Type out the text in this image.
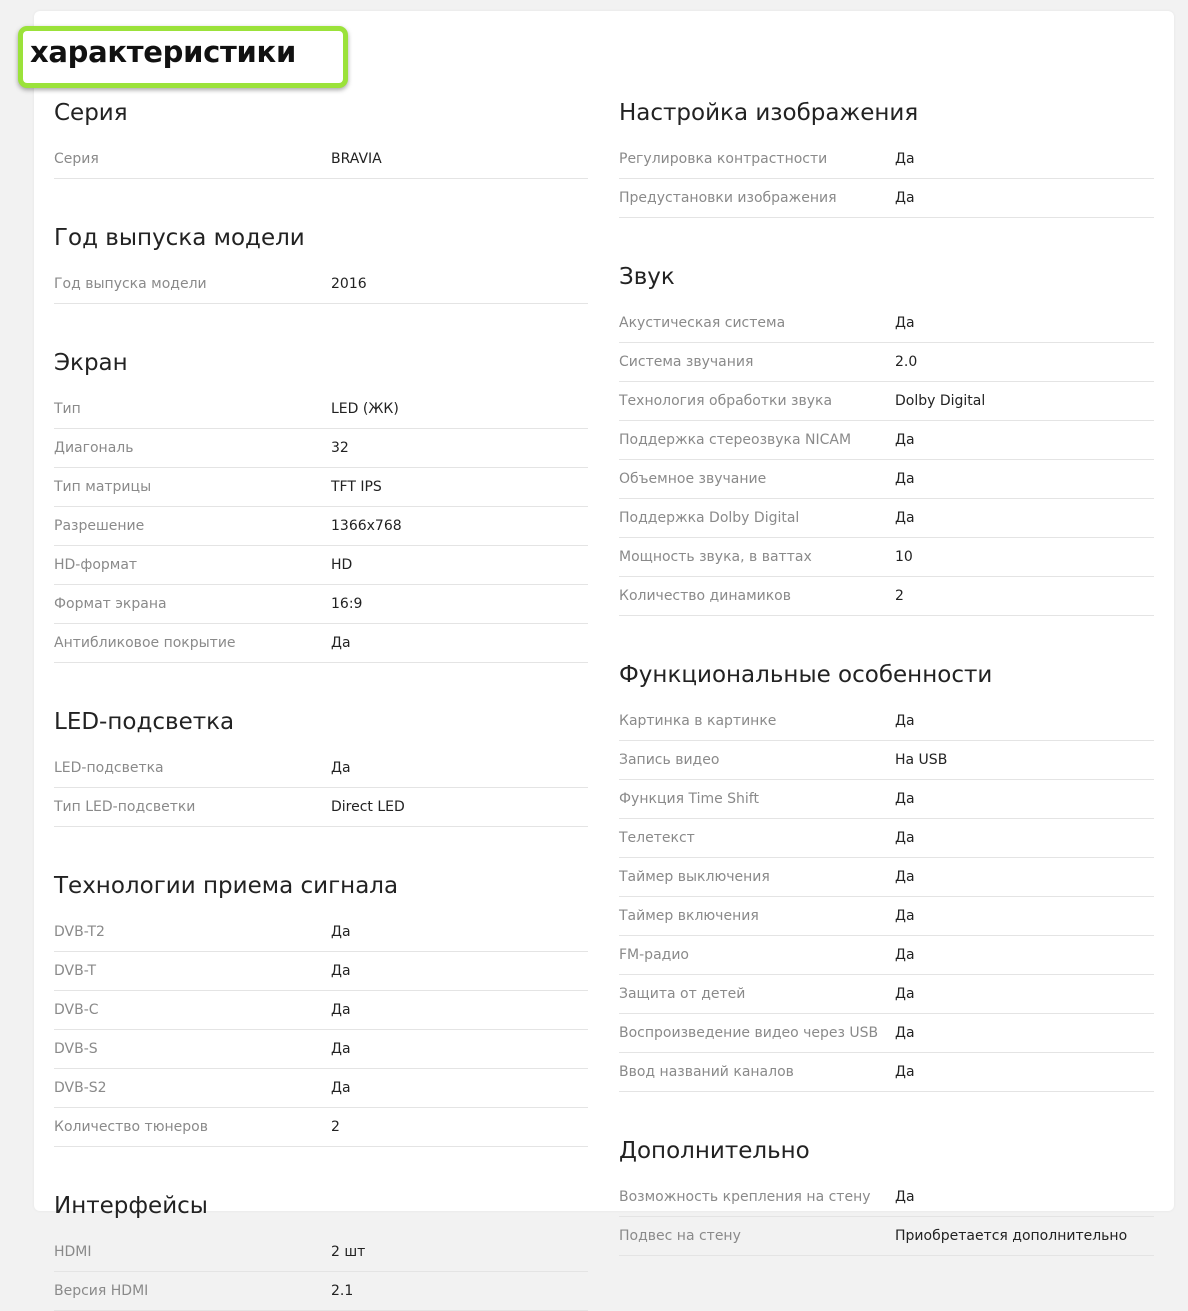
характеристики
Серия
Серия	BRAVIA
Год выпуска модели
Год выпуска модели	2016
Экран
Тип	LED (ЖК)
Диагональ	32
Тип матрицы	TFT IPS
Разрешение	1366x768
HD-формат	HD
Формат экрана	16:9
Антибликовое покрытие	Да
LED-подсветка
LED-подсветка	Да
Тип LED-подсветки	Direct LED
Технологии приема сигнала
DVB-T2	Да
DVB-T	Да
DVB-C	Да
DVB-S	Да
DVB-S2	Да
Количество тюнеров	2
Интерфейсы
HDMI	2 шт
Версия HDMI	2.1
Настройка изображения
Регулировка контрастности	Да
Предустановки изображения	Да
Звук
Акустическая система	Да
Система звучания	2.0
Технология обработки звука	Dolby Digital
Поддержка стереозвука NICAM	Да
Объемное звучание	Да
Поддержка Dolby Digital	Да
Мощность звука, в ваттах	10
Количество динамиков	2
Функциональные особенности
Картинка в картинке	Да
Запись видео	На USB
Функция Time Shift	Да
Телетекст	Да
Таймер выключения	Да
Таймер включения	Да
FM-радио	Да
Защита от детей	Да
Воспроизведение видео через USB Да
Ввод названий каналов	Да
Дополнительно
Возможность крепления на стену Да
Подвес на стену	Приобретается дополнительно
